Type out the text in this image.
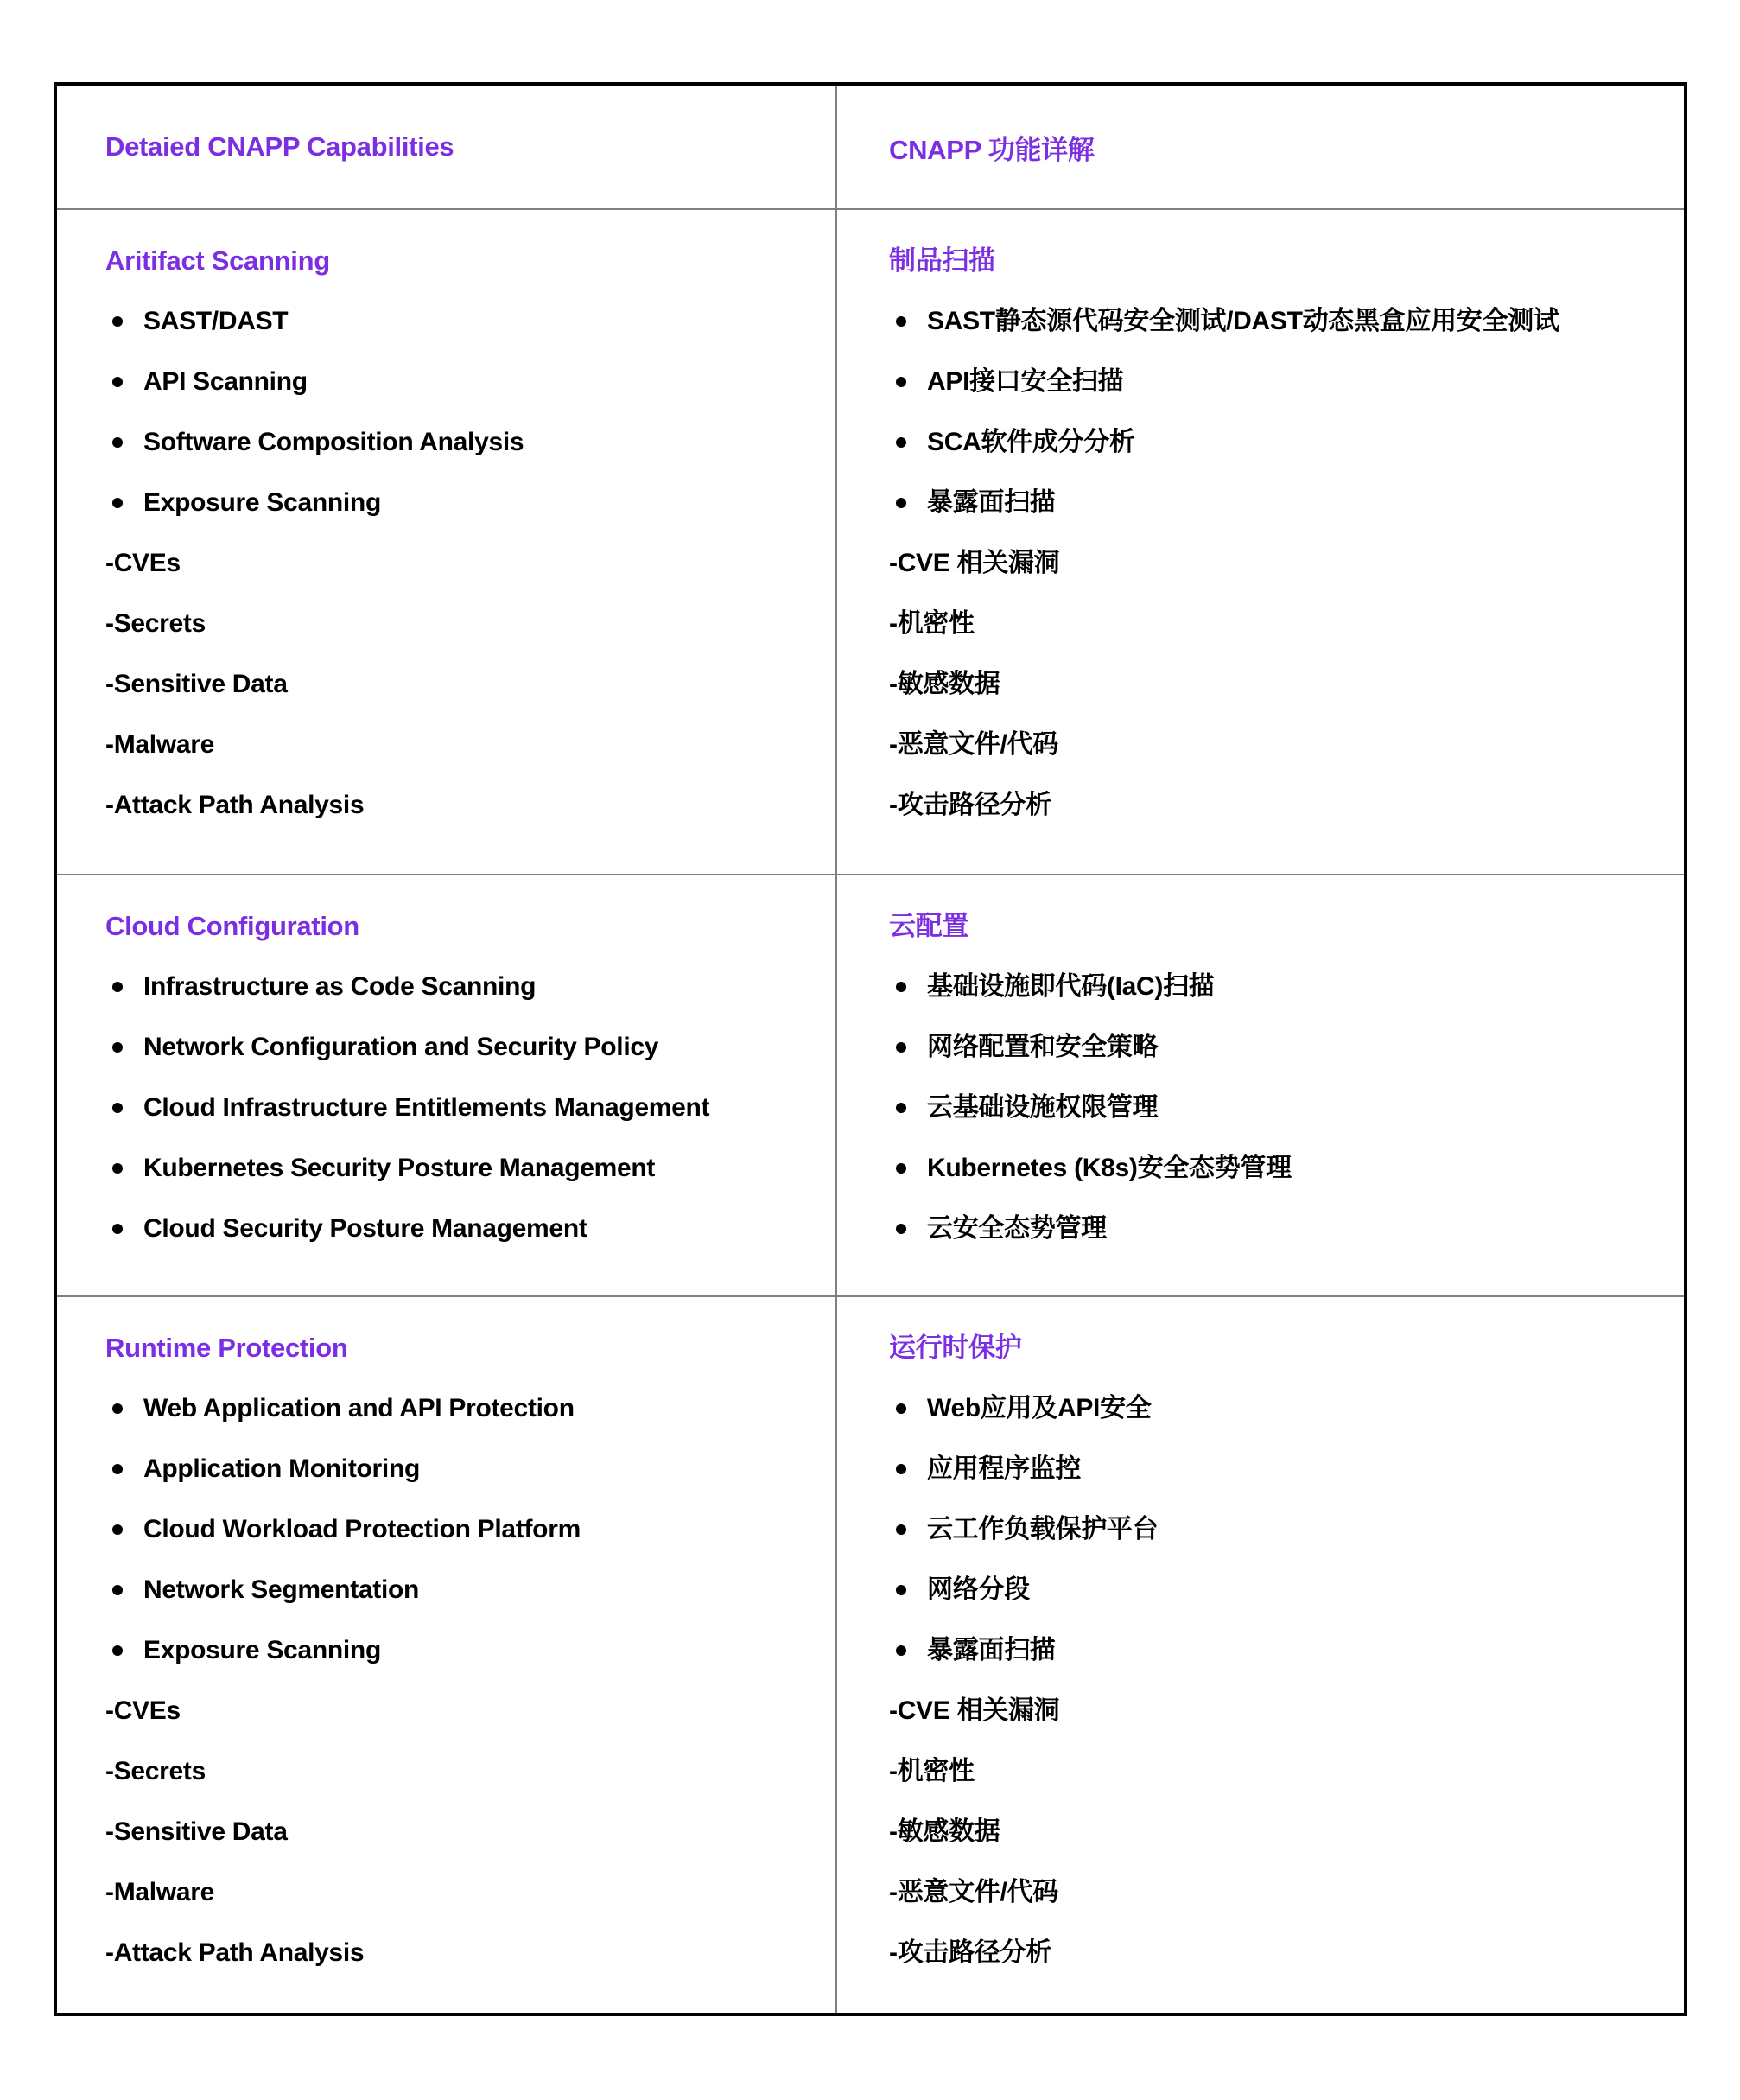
Detaied CNAPP Capabilities	CNAPP 功能详解
Aritifact Scanning
SAST/DAST
API Scanning
Software Composition Analysis
Exposure Scanning
-CVEs
-Secrets
-Sensitive Data
-Malware
-Attack Path Analysis
制品扫描
SAST静态源代码安全测试/DAST动态黑盒应用安全测试
API接口安全扫描
SCA软件成分分析
暴露面扫描
-CVE 相关漏洞
-机密性
-敏感数据
-恶意文件/代码
-攻击路径分析
Cloud Configuration
Infrastructure as Code Scanning
Network Configuration and Security Policy
Cloud Infrastructure Entitlements Management
Kubernetes Security Posture Management
Cloud Security Posture Management
云配置
基础设施即代码(IaC)扫描
网络配置和安全策略
云基础设施权限管理
Kubernetes (K8s)安全态势管理
云安全态势管理
Runtime Protection
Web Application and API Protection
Application Monitoring
Cloud Workload Protection Platform
Network Segmentation
Exposure Scanning
-CVEs
-Secrets
-Sensitive Data
-Malware
-Attack Path Analysis
运行时保护
Web应用及API安全
应用程序监控
云工作负载保护平台
网络分段
暴露面扫描
-CVE 相关漏洞
-机密性
-敏感数据
-恶意文件/代码
-攻击路径分析
